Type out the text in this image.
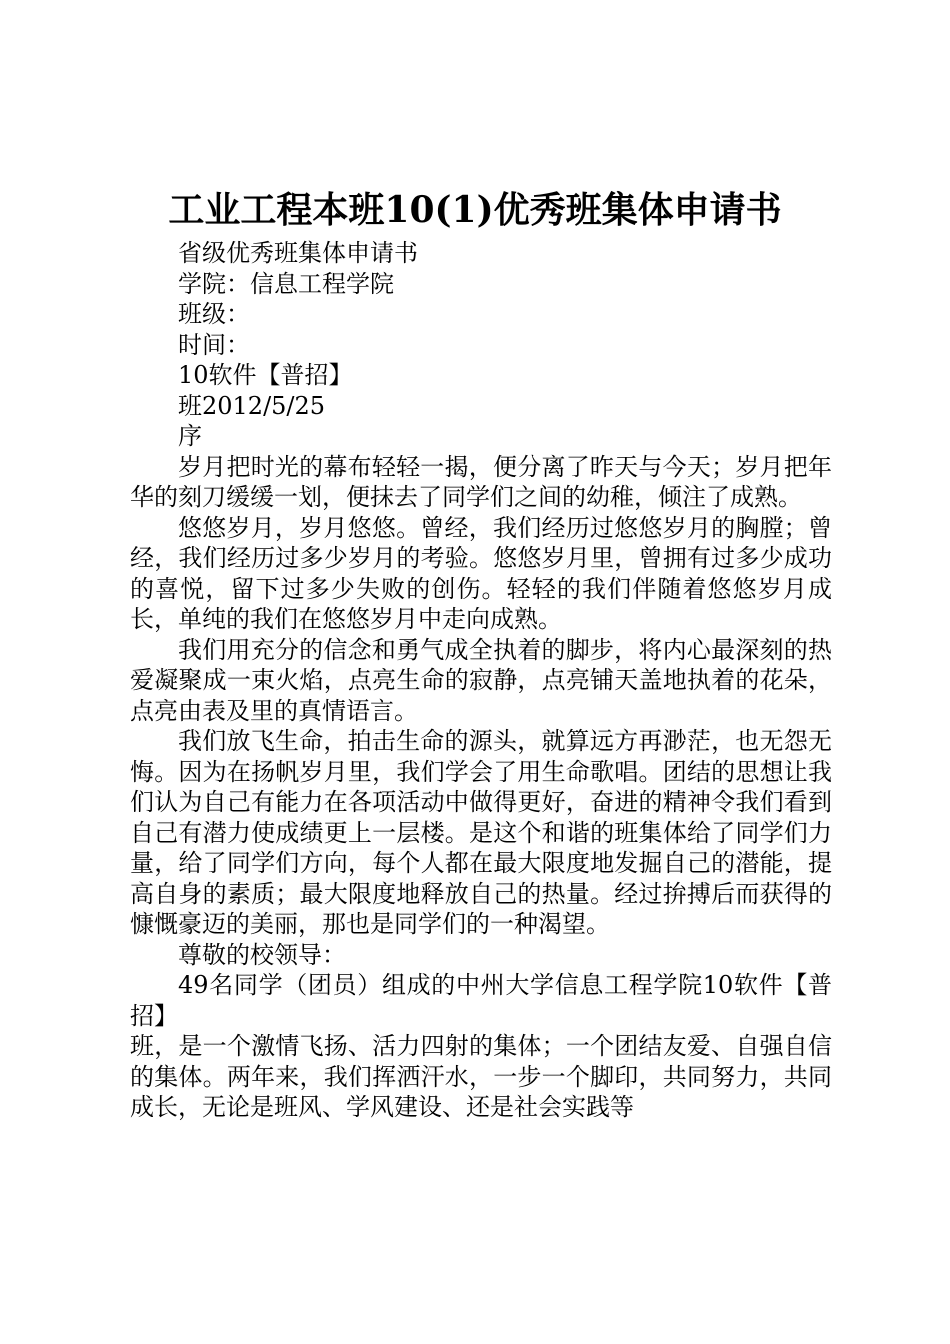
工业工程本班10(1)优秀班集体申请书

省级优秀班集体申请书

学院：信息工程学院

班级：

时间：

10软件【普招】

班2012/5/25

序

岁月把时光的幕布轻轻一揭，便分离了昨天与今天；岁月把年华的刻刀缓缓一划，便抹去了同学们之间的幼稚，倾注了成熟。

悠悠岁月，岁月悠悠。曾经，我们经历过悠悠岁月的胸膛；曾经，我们经历过多少岁月的考验。悠悠岁月里，曾拥有过多少成功的喜悦，留下过多少失败的创伤。轻轻的我们伴随着悠悠岁月成长，单纯的我们在悠悠岁月中走向成熟。

我们用充分的信念和勇气成全执着的脚步，将内心最深刻的热爱凝聚成一束火焰，点亮生命的寂静，点亮铺天盖地执着的花朵，点亮由表及里的真情语言。

我们放飞生命，拍击生命的源头，就算远方再渺茫，也无怨无悔。因为在扬帆岁月里，我们学会了用生命歌唱。团结的思想让我们认为自己有能力在各项活动中做得更好，奋进的精神令我们看到自己有潜力使成绩更上一层楼。是这个和谐的班集体给了同学们力量，给了同学们方向，每个人都在最大限度地发掘自己的潜能，提高自身的素质；最大限度地释放自己的热量。经过拚搏后而获得的慷慨豪迈的美丽，那也是同学们的一种渴望。

尊敬的校领导：

49名同学（团员）组成的中州大学信息工程学院10软件【普招】

班，是一个激情飞扬、活力四射的集体；一个团结友爱、自强自信的集体。两年来，我们挥洒汗水，一步一个脚印，共同努力，共同成长，无论是班风、学风建设、还是社会实践等
